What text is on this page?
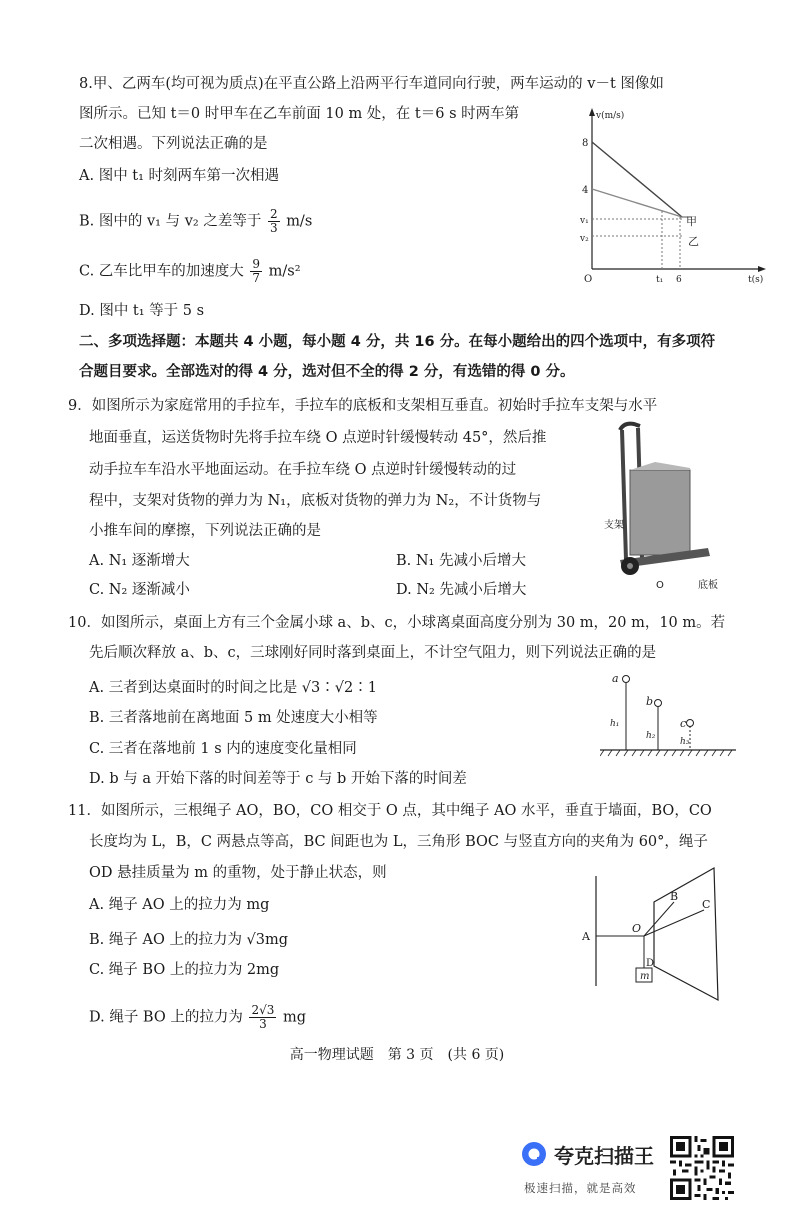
8.甲、乙两车(均可视为质点)在平直公路上沿两平行车道同向行驶，两车运动的 v－t 图像如
图所示。已知 t＝0 时甲车在乙车前面 10 m 处，在 t＝6 s 时两车第
二次相遇。下列说法正确的是
A. 图中 t₁ 时刻两车第一次相遇
B. 图中的 v₁ 与 v₂ 之差等于 $\frac{2}{3} m/s$
C. 乙车比甲车的加速度大 $\frac{9}{7} m/s^2$
D. 图中 t₁ 等于 5 s
v(m/s)
t(s)
O
8
4
v₁
v₂
t₁ 6
甲
乙
二、多项选择题：本题共 4 小题，每小题 4 分，共 16 分。在每小题给出的四个选项中，有多项符
合题目要求。全部选对的得 4 分，选对但不全的得 2 分，有选错的得 0 分。
9．如图所示为家庭常用的手拉车，手拉车的底板和支架相互垂直。初始时手拉车支架与水平
地面垂直，运送货物时先将手拉车绕 O 点逆时针缓慢转动 45°，然后推
动手拉车车沿水平地面运动。在手拉车绕 O 点逆时针缓慢转动的过
程中，支架对货物的弹力为 N₁，底板对货物的弹力为 N₂，不计货物与
小推车间的摩擦，下列说法正确的是
A. N₁ 逐渐增大	B. N₁ 先减小后增大
C. N₂ 逐渐减小	D. N₂ 先减小后增大
支架
O	底板
10．如图所示，桌面上方有三个金属小球 a、b、c，小球离桌面高度分别为 30 m，20 m，10 m。若
先后顺次释放 a、b、c，三球刚好同时落到桌面上，不计空气阻力，则下列说法正确的是
A. 三者到达桌面时的时间之比是 √3∶√2∶1
B. 三者落地前在离地面 5 m 处速度大小相等
C. 三者在落地前 1 s 内的速度变化量相同
D. b 与 a 开始下落的时间差等于 c 与 b 开始下落的时间差
a
h₁
b
h₂
c
h₃
11．如图所示，三根绳子 AO，BO，CO 相交于 O 点，其中绳子 AO 水平，垂直于墙面，BO，CO
长度均为 L，B，C 两悬点等高，BC 间距也为 L，三角形 BOC 与竖直方向的夹角为 60°，绳子
OD 悬挂质量为 m 的重物，处于静止状态，则
A. 绳子 AO 上的拉力为 mg
B. 绳子 AO 上的拉力为 √3mg
C. 绳子 BO 上的拉力为 2mg
D. 绳子 BO 上的拉力为 $\frac{2√3}{3}$ mg
A
B
C
O
D
m
高一物理试题　第 3 页　(共 6 页)
夸克扫描王
极速扫描，就是高效
